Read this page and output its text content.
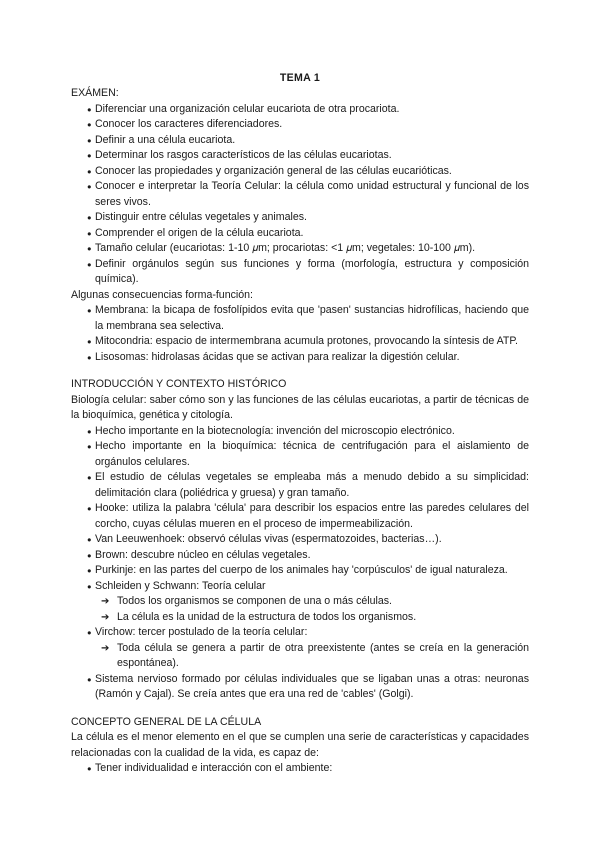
TEMA 1
EXÁMEN:
● Diferenciar una organización celular eucariota de otra procariota.
● Conocer los caracteres diferenciadores.
● Definir a una célula eucariota.
● Determinar los rasgos característicos de las células eucariotas.
● Conocer las propiedades y organización general de las células eucarióticas.
● Conocer e interpretar la Teoría Celular: la célula como unidad estructural y funcional de los seres vivos.
● Distinguir entre células vegetales y animales.
● Comprender el origen de la célula eucariota.
● Tamaño celular (eucariotas: 1-10 𝜇m; procariotas: <1 𝜇m; vegetales: 10-100 𝜇m).
● Definir orgánulos según sus funciones y forma (morfología, estructura y composición química).
Algunas consecuencias forma-función:
● Membrana: la bicapa de fosfolípidos evita que 'pasen' sustancias hidrofílicas, haciendo que la membrana sea selectiva.
● Mitocondria: espacio de intermembrana acumula protones, provocando la síntesis de ATP.
● Lisosomas: hidrolasas ácidas que se activan para realizar la digestión celular.
INTRODUCCIÓN Y CONTEXTO HISTÓRICO
Biología celular: saber cómo son y las funciones de las células eucariotas, a partir de técnicas de la bioquímica, genética y citología.
● Hecho importante en la biotecnología: invención del microscopio electrónico.
● Hecho importante en la bioquímica: técnica de centrifugación para el aislamiento de orgánulos celulares.
● El estudio de células vegetales se empleaba más a menudo debido a su simplicidad: delimitación clara (poliédrica y gruesa) y gran tamaño.
● Hooke: utiliza la palabra 'célula' para describir los espacios entre las paredes celulares del corcho, cuyas células mueren en el proceso de impermeabilización.
● Van Leeuwenhoek: observó células vivas (espermatozoides, bacterias…).
● Brown: descubre núcleo en células vegetales.
● Purkinje: en las partes del cuerpo de los animales hay 'corpúsculos' de igual naturaleza.
● Schleiden y Schwann: Teoría celular
➔ Todos los organismos se componen de una o más células.
➔ La célula es la unidad de la estructura de todos los organismos.
● Virchow: tercer postulado de la teoría celular:
➔ Toda célula se genera a partir de otra preexistente (antes se creía en la generación espontánea).
● Sistema nervioso formado por células individuales que se ligaban unas a otras: neuronas (Ramón y Cajal). Se creía antes que era una red de 'cables' (Golgi).
CONCEPTO GENERAL DE LA CÉLULA
La célula es el menor elemento en el que se cumplen una serie de características y capacidades relacionadas con la cualidad de la vida, es capaz de:
● Tener individualidad e interacción con el ambiente:
